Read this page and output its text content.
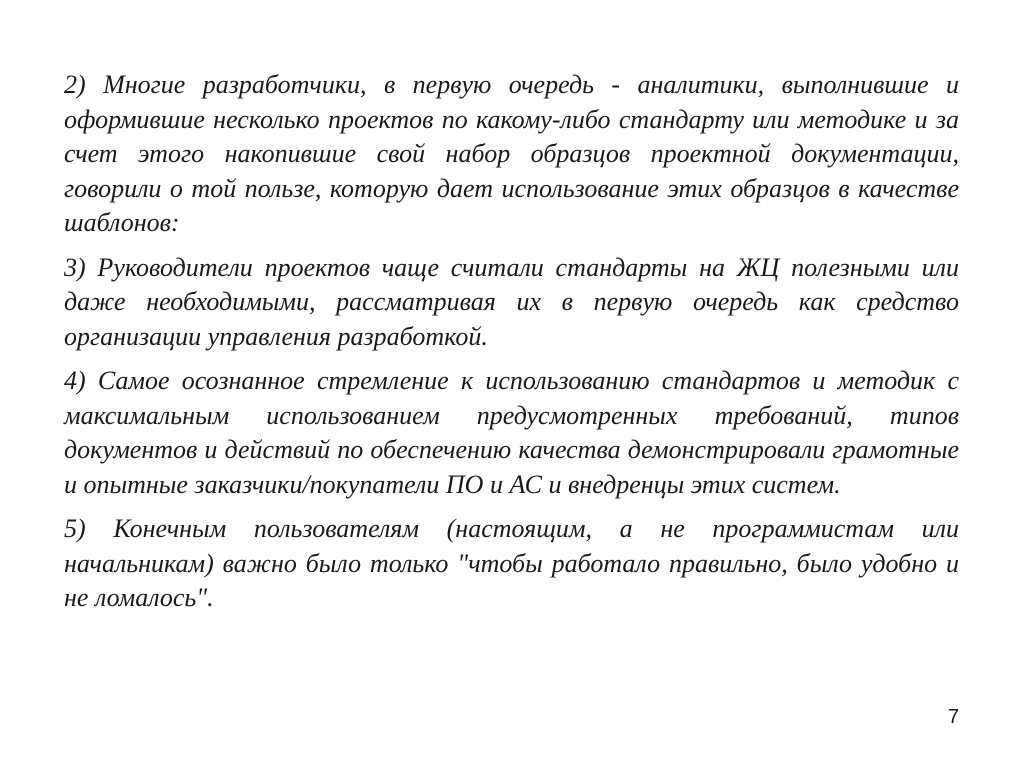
2) Многие разработчики, в первую очередь - аналитики, выполнившие и оформившие несколько проектов по какому-либо стандарту или методике и за счет этого накопившие свой набор образцов проектной документации, говорили о той пользе, которую дает использование этих образцов в качестве шаблонов:

3) Руководители проектов чаще считали стандарты на ЖЦ полезными или даже необходимыми, рассматривая их в первую очередь как средство организации управления разработкой.

4) Самое осознанное стремление к использованию стандартов и методик с максимальным использованием предусмотренных требований, типов документов и действий по обеспечению качества демонстрировали грамотные и опытные заказчики/покупатели ПО и АС и внедренцы этих систем.

5) Конечным пользователям (настоящим, а не программистам или начальникам) важно было только "чтобы работало правильно, было удобно и не ломалось".

7
